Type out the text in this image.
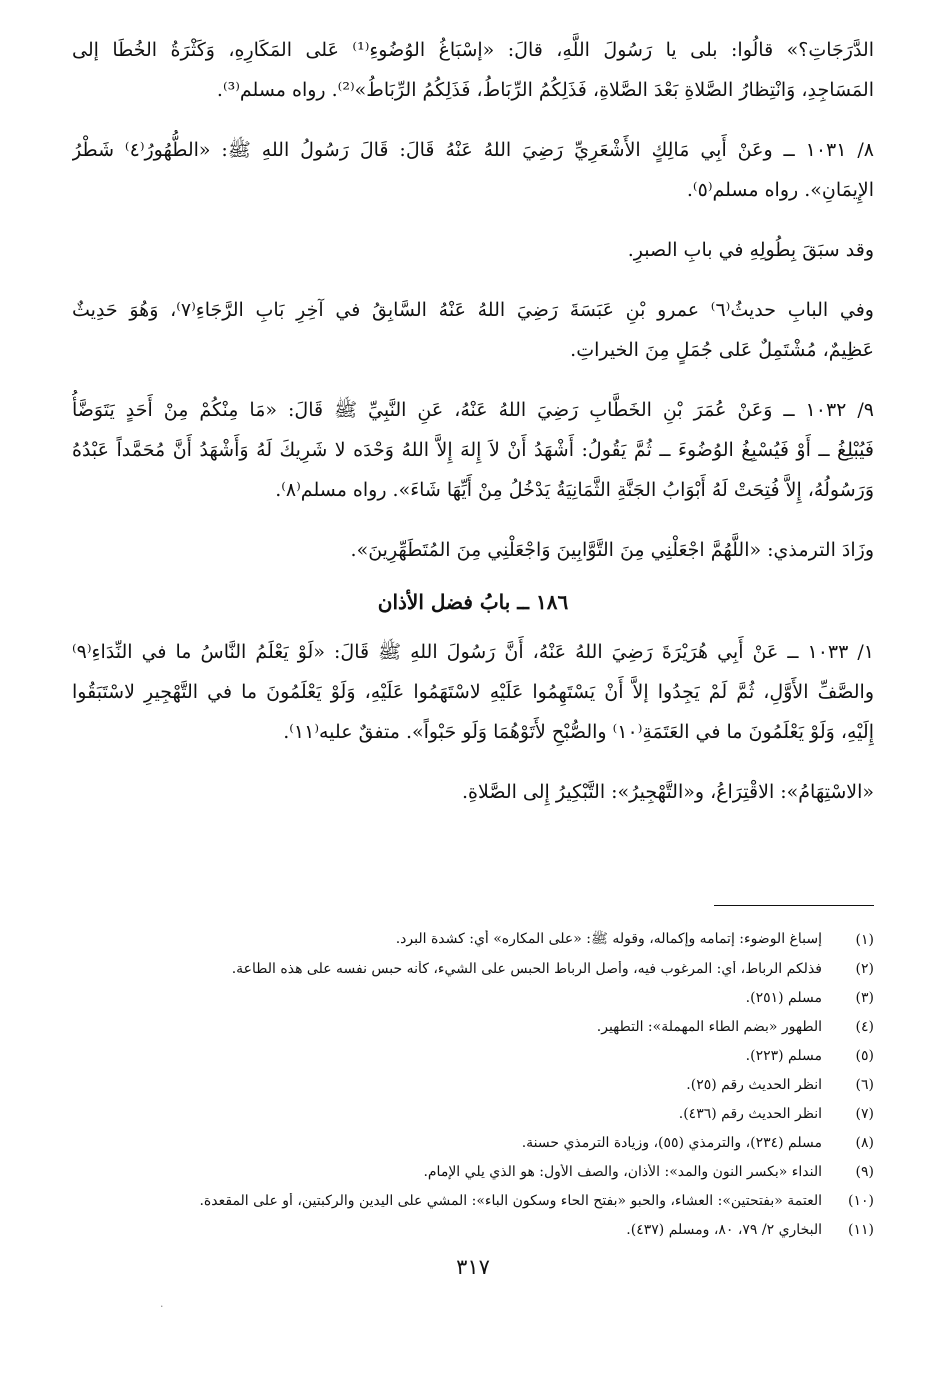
الدَّرَجَاتِ؟» قالُوا: بلى يا رَسُولَ اللَّهِ، قالَ: «إسْبَاغُ الوُضُوءِ⁽¹⁾ عَلى المَكَارِهِ، وَكَثْرَةُ الخُطَا إلى
المَسَاجِدِ، وَانْتِظارُ الصَّلاةِ بَعْدَ الصَّلاةِ، فَذَلِكُمُ الرِّبَاطُ، فَذَلِكُمُ الرِّبَاطُ»⁽²⁾. رواه مسلم⁽³⁾.
٨/ ١٠٣١ ــ وعَنْ أَبِي مَالِكٍ الأَشْعَرِيِّ رَضِيَ اللهُ عَنْهُ قَالَ: قَالَ رَسُولُ اللهِ ﷺ: «الطُّهُورُ⁽٤⁾ شَطْرُ
الإِيمَانِ». رواه مسلم⁽٥⁾.
وقد سبَقَ بِطُولِهِ في بابِ الصبرِ.
وفي البابِ حديثُ⁽٦⁾ عمرو بْنِ عَبَسَةَ رَضِيَ اللهُ عَنْهُ السَّابِقُ في آخِرِ بَابِ الرَّجَاءِ⁽٧⁾، وَهُوَ حَدِيثٌ
عَظِيمٌ، مُشْتَمِلٌ عَلى جُمَلٍ مِنَ الخيراتِ.
٩/ ١٠٣٢ ــ وَعَنْ عُمَرَ بْنِ الخَطَّابِ رَضِيَ اللهُ عَنْهُ، عَنِ النَّبِيِّ ﷺ قَالَ: «مَا مِنْكُمْ مِنْ أَحَدٍ يَتَوَضَّأُ
فَيُبْلِغُ ــ أَوْ فَيُسْبِغُ الوُضُوءَ ــ ثُمَّ يَقُولُ: أَشْهَدُ أَنْ لاَ إِلهَ إِلاَّ اللهُ وَحْدَه لا شَرِيكَ لَهُ وَأَشْهَدُ أَنَّ مُحَمَّداً عَبْدُهُ
وَرَسُولُهُ، إِلاَّ فُتِحَتْ لَهُ أَبْوَابُ الجَنَّةِ الثَّمَانِيَةُ يَدْخُلُ مِنْ أَيِّهَا شَاءَ». رواه مسلم⁽٨⁾.
وزَادَ الترمذي: «اللَّهُمَّ اجْعَلْنِي مِنَ التَّوَّابِينَ وَاجْعَلْنِي مِنَ المُتَطَهِّرِينَ».
١٨٦ ــ بابُ فضل الأذان
١/ ١٠٣٣ ــ عَنْ أَبِي هُرَيْرَةَ رَضِيَ اللهُ عَنْهُ، أَنَّ رَسُولَ اللهِ ﷺ قَالَ: «لَوْ يَعْلَمُ النَّاسُ ما في النِّدَاءِ⁽٩⁾
والصَّفِّ الأَوَّلِ، ثُمَّ لَمْ يَجِدُوا إلاَّ أَنْ يَسْتَهِمُوا عَلَيْهِ لاسْتَهَمُوا عَلَيْهِ، وَلَوْ يَعْلَمُونَ ما في التَّهْجِيرِ لاسْتَبَقُوا
إِلَيْهِ، وَلَوْ يَعْلَمُونَ ما في العَتَمَةِ⁽١٠⁾ والصُّبْحِ لأَتَوْهُمَا وَلَو حَبْواً». متفقٌ عليه⁽١١⁾.
«الاسْتِهَامُ»: الاقْتِرَاعُ، و«التَّهْجِيرُ»: التَّبْكِيرُ إِلى الصَّلاةِ.
(١)
إسباغ الوضوء: إتمامه وإكماله، وقوله ﷺ: «على المكاره» أي: كشدة البرد.
(٢)
فذلكم الرباط، أي: المرغوب فيه، وأصل الرباط الحبس على الشيء، كأنه حبس نفسه على هذه الطاعة.
(٣)
مسلم (٢٥١).
(٤)
الطهور «بضم الطاء المهملة»: التطهير.
(٥)
مسلم (٢٢٣).
(٦)
انظر الحديث رقم (٢٥).
(٧)
انظر الحديث رقم (٤٣٦).
(٨)
مسلم (٢٣٤)، والترمذي (٥٥)، وزيادة الترمذي حسنة.
(٩)
النداء «بكسر النون والمد»: الأذان، والصف الأول: هو الذي يلي الإمام.
(١٠)
العتمة «بفتحتين»: العشاء، والحبو «بفتح الحاء وسكون الباء»: المشي على اليدين والركبتين، أو على المقعدة.
(١١)
البخاري ٢/ ٧٩، ٨٠، ومسلم (٤٣٧).
٣١٧
·
